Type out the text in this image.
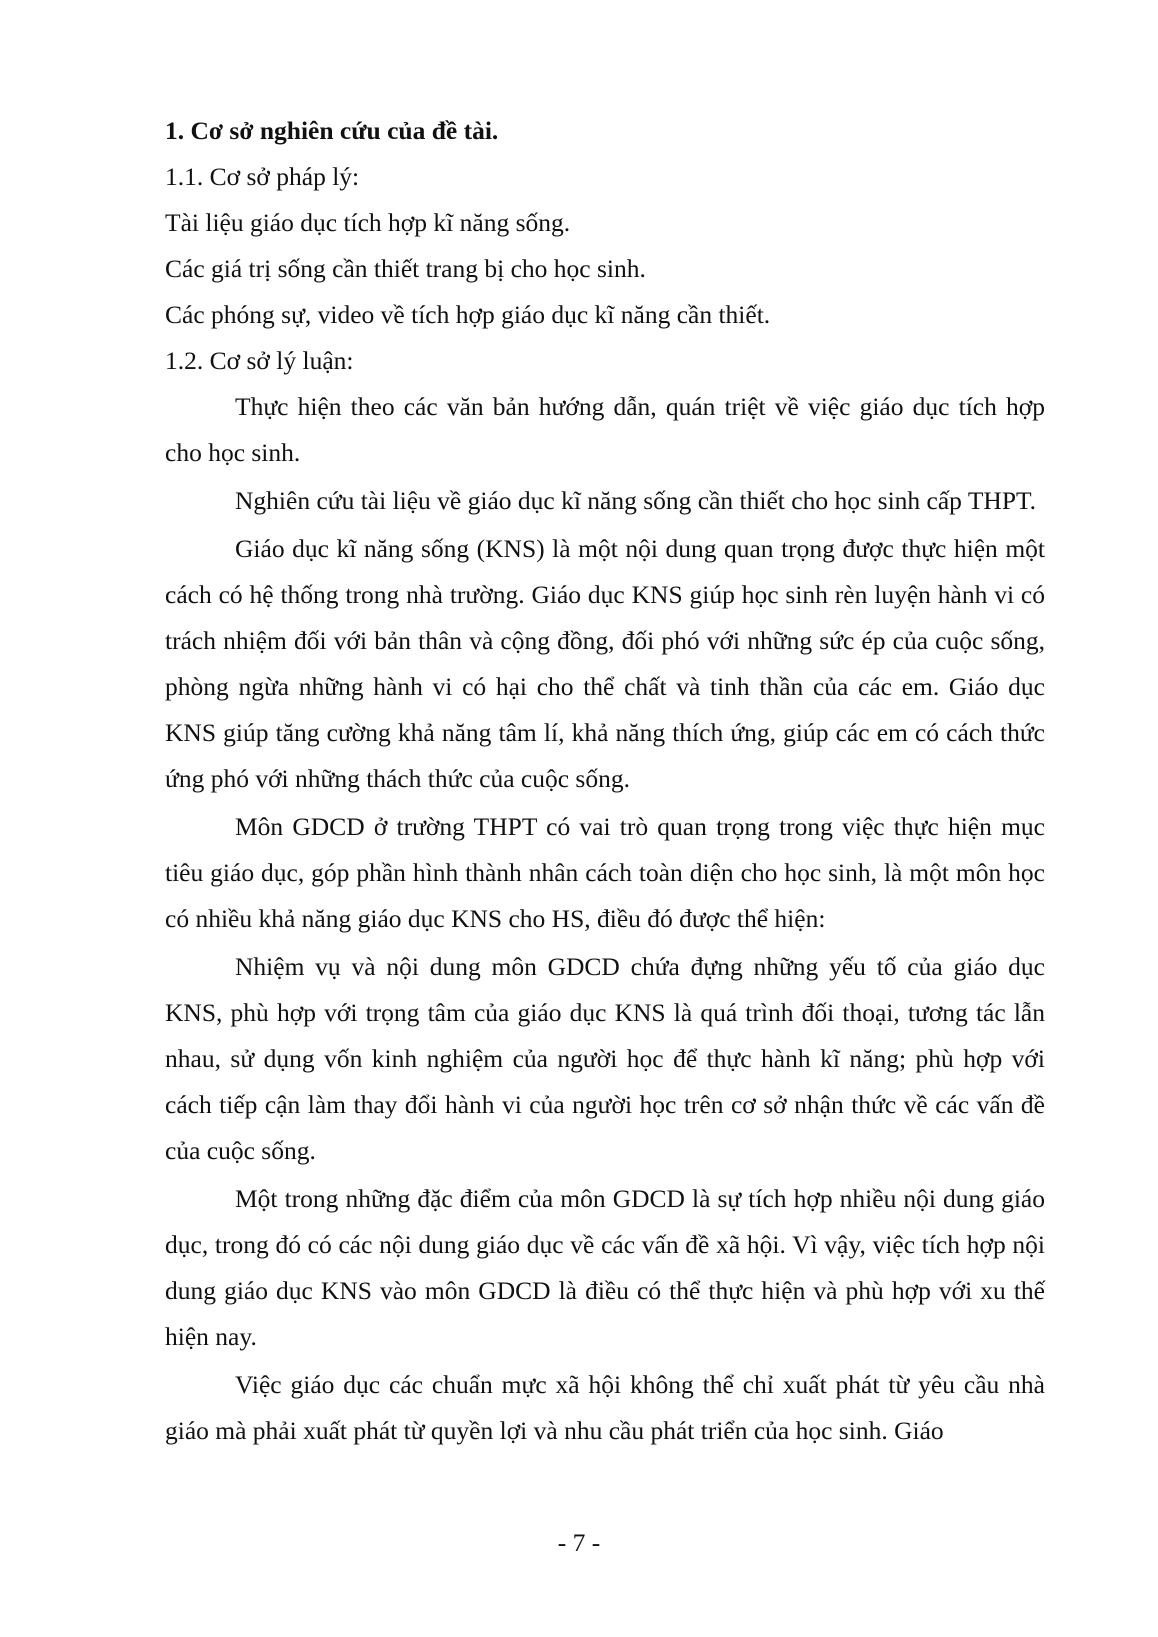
1. Cơ sở nghiên cứu của đề tài.

1.1. Cơ sở pháp lý:

Tài liệu giáo dục tích hợp kĩ năng sống.

Các giá trị sống cần thiết trang bị cho học sinh.

Các phóng sự, video về tích hợp giáo dục kĩ năng cần thiết.

1.2. Cơ sở lý luận:

Thực hiện theo các văn bản hướng dẫn, quán triệt về việc giáo dục tích hợp cho học sinh.

Nghiên cứu tài liệu về giáo dục kĩ năng sống cần thiết cho học sinh cấp THPT.

Giáo dục kĩ năng sống (KNS) là một nội dung quan trọng được thực hiện một cách có hệ thống trong nhà trường. Giáo dục KNS giúp học sinh rèn luyện hành vi có trách nhiệm đối với bản thân và cộng đồng, đối phó với những sức ép của cuộc sống, phòng ngừa những hành vi có hại cho thể chất và tinh thần của các em. Giáo dục KNS giúp tăng cường khả năng tâm lí, khả năng thích ứng, giúp các em có cách thức ứng phó với những thách thức của cuộc sống.

Môn GDCD ở trường THPT có vai trò quan trọng trong việc thực hiện mục tiêu giáo dục, góp phần hình thành nhân cách toàn diện cho học sinh, là một môn học có nhiều khả năng giáo dục KNS cho HS, điều đó được thể hiện:

Nhiệm vụ và nội dung môn GDCD chứa đựng những yếu tố của giáo dục KNS, phù hợp với trọng tâm của giáo dục KNS là quá trình đối thoại, tương tác lẫn nhau, sử dụng vốn kinh nghiệm của người học để thực hành kĩ năng; phù hợp với cách tiếp cận làm thay đổi hành vi của người học trên cơ sở nhận thức về các vấn đề của cuộc sống.

Một trong những đặc điểm của môn GDCD là sự tích hợp nhiều nội dung giáo dục, trong đó có các nội dung giáo dục về các vấn đề xã hội. Vì vậy, việc tích hợp nội dung giáo dục KNS vào môn GDCD là điều có thể thực hiện và phù hợp với xu thế hiện nay.

Việc giáo dục các chuẩn mực xã hội không thể chỉ xuất phát từ yêu cầu nhà giáo mà phải xuất phát từ quyền lợi và nhu cầu phát triển của học sinh. Giáo

- 7 -
